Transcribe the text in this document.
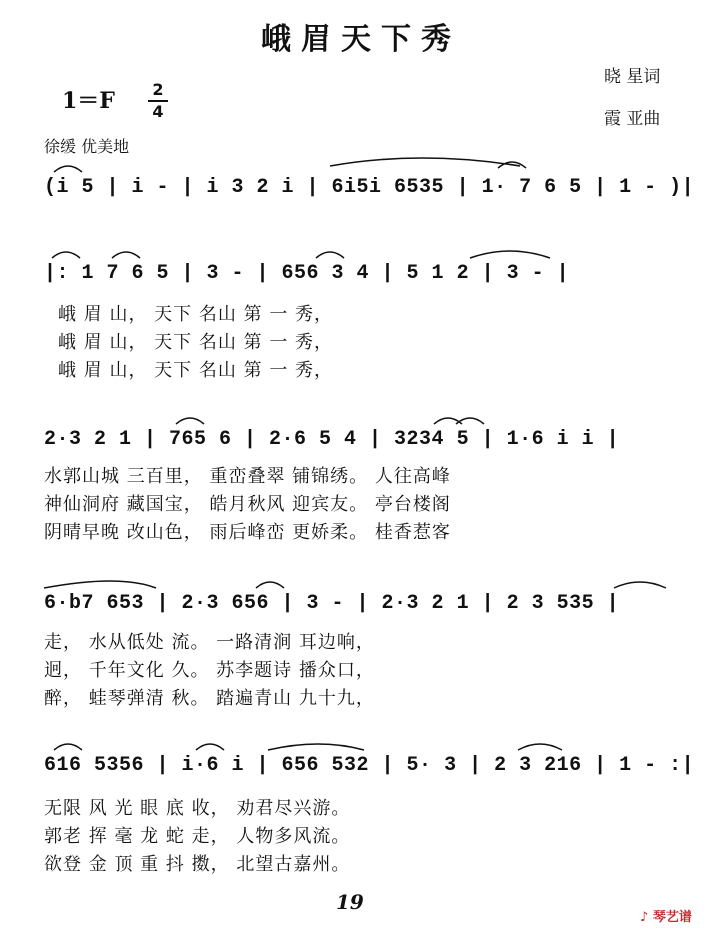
峨眉天下秀
1＝F 2
4
晓 星词
霞 亚曲
徐缓 优美地
(i 5 | i - | i 3 2 i | 6i5i 6535 | 1· 7 6 5 | 1 - )|
|: 1 7 6 5 | 3 - | 656 3 4 | 5 1 2 | 3 - |
峨 眉 山， 天下 名山 第 一 秀，
峨 眉 山， 天下 名山 第 一 秀，
峨 眉 山， 天下 名山 第 一 秀，
2·3 2 1 | 765 6 | 2·6 5 4 | 3234 5 | 1·6 i i |
水郭山城 三百里， 重峦叠翠 铺锦绣。 人往高峰
神仙洞府 藏国宝， 皓月秋风 迎宾友。 亭台楼阁
阴晴早晚 改山色， 雨后峰峦 更娇柔。 桂香惹客
6·b7 653 | 2·3 656 | 3 - | 2·3 2 1 | 2 3 535 |
走， 水从低处 流。 一路清涧 耳边响，
迥， 千年文化 久。 苏李题诗 播众口，
醉， 蛙琴弹清 秋。 踏遍青山 九十九，
616 5356 | i·6 i | 656 532 | 5· 3 | 2 3 216 | 1 - :|
无限 风 光 眼 底 收， 劝君尽兴游。
郭老 挥 毫 龙 蛇 走， 人物多风流。
欲登 金 顶 重 抖 擞， 北望古嘉州。
19
♪ 琴艺谱
